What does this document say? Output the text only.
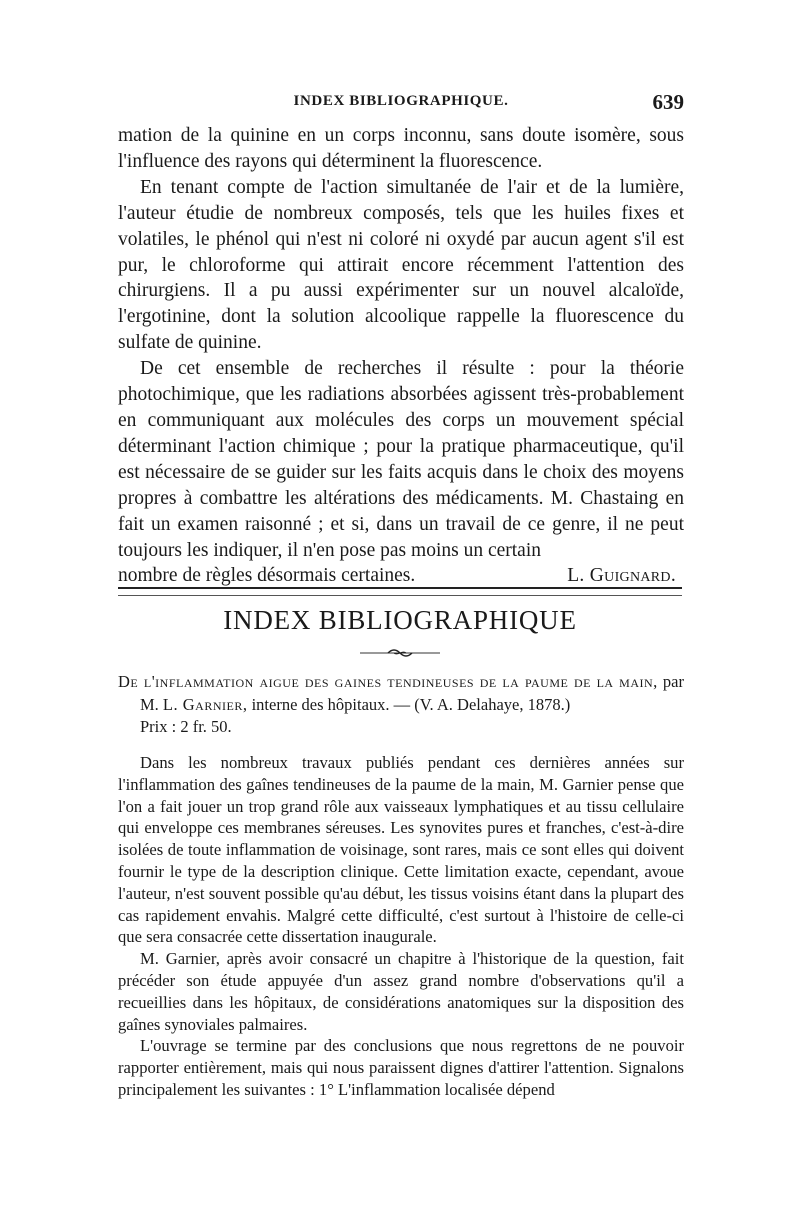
INDEX BIBLIOGRAPHIQUE.	639

mation de la quinine en un corps inconnu, sans doute isomère, sous l'influence des rayons qui déterminent la fluorescence.

En tenant compte de l'action simultanée de l'air et de la lumière, l'auteur étudie de nombreux composés, tels que les huiles fixes et volatiles, le phénol qui n'est ni coloré ni oxydé par aucun agent s'il est pur, le chloroforme qui attirait encore récemment l'attention des chirurgiens. Il a pu aussi expérimenter sur un nouvel alcaloïde, l'ergotinine, dont la solution alcoolique rappelle la fluorescence du sulfate de quinine.

De cet ensemble de recherches il résulte : pour la théorie photochimique, que les radiations absorbées agissent très-probablement en communiquant aux molécules des corps un mouvement spécial déterminant l'action chimique ; pour la pratique pharmaceutique, qu'il est nécessaire de se guider sur les faits acquis dans le choix des moyens propres à combattre les altérations des médicaments. M. Chastaing en fait un examen raisonné ; et si, dans un travail de ce genre, il ne peut toujours les indiquer, il n'en pose pas moins un certain

nombre de règles désormais certaines.	L. Guignard.
INDEX BIBLIOGRAPHIQUE

De l'inflammation aigue des gaines tendineuses de la paume de la main, par M. L. Garnier, interne des hôpitaux. — (V. A. Delahaye, 1878.)

Prix : 2 fr. 50.

Dans les nombreux travaux publiés pendant ces dernières années sur l'inflammation des gaînes tendineuses de la paume de la main, M. Garnier pense que l'on a fait jouer un trop grand rôle aux vaisseaux lymphatiques et au tissu cellulaire qui enveloppe ces membranes séreuses. Les synovites pures et franches, c'est-à-dire isolées de toute inflammation de voisinage, sont rares, mais ce sont elles qui doivent fournir le type de la description clinique. Cette limitation exacte, cependant, avoue l'auteur, n'est souvent possible qu'au début, les tissus voisins étant dans la plupart des cas rapidement envahis. Malgré cette difficulté, c'est surtout à l'histoire de celle-ci que sera consacrée cette dissertation inaugurale.

M. Garnier, après avoir consacré un chapitre à l'historique de la question, fait précéder son étude appuyée d'un assez grand nombre d'observations qu'il a recueillies dans les hôpitaux, de considérations anatomiques sur la disposition des gaînes synoviales palmaires.

L'ouvrage se termine par des conclusions que nous regrettons de ne pouvoir rapporter entièrement, mais qui nous paraissent dignes d'attirer l'attention. Signalons principalement les suivantes : 1° L'inflammation localisée dépend
